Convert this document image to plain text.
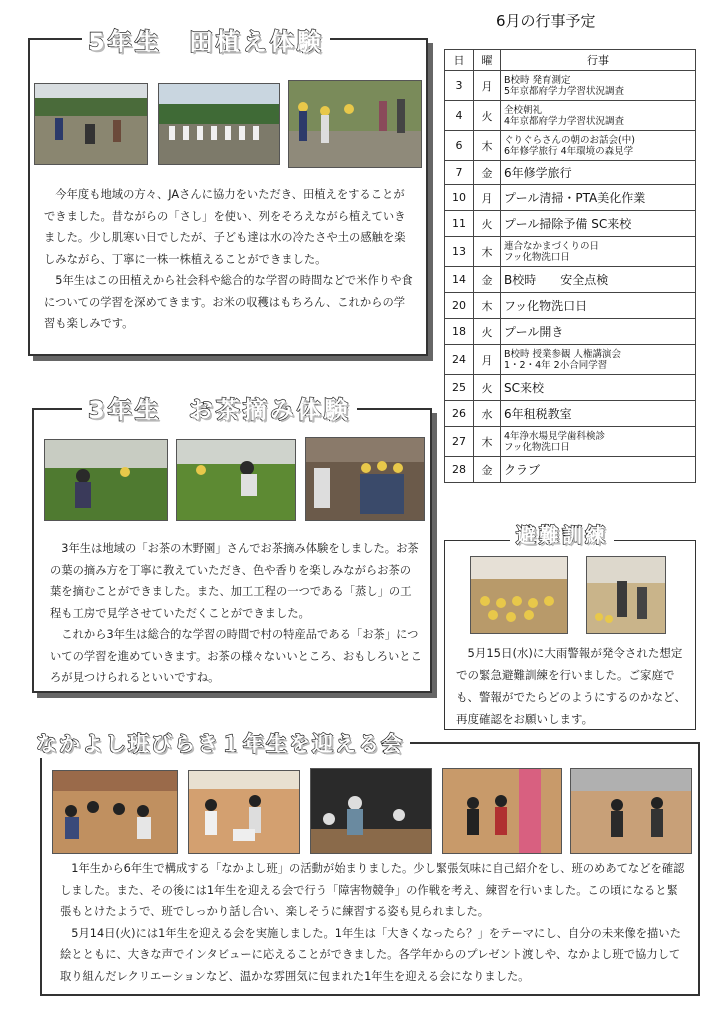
5年生　田植え体験

今年度も地域の方々、JAさんに協力をいただき、田植えをすることができました。昔ながらの「さし」を使い、列をそろえながら植えていきました。少し肌寒い日でしたが、子ども達は水の冷たさや土の感触を楽しみながら、丁寧に一株一株植えることができました。

5年生はこの田植えから社会科や総合的な学習の時間などで米作りや食についての学習を深めてきます。お米の収穫はもちろん、これからの学習も楽しみです。

3年生　お茶摘み体験

3年生は地域の「お茶の木野園」さんでお茶摘み体験をしました。お茶の葉の摘み方を丁寧に教えていただき、色や香りを楽しみながらお茶の葉を摘むことができました。また、加工工程の一つである「蒸し」の工程も工房で見学させていただくことができました。

これから3年生は総合的な学習の時間で村の特産品である「お茶」についての学習を進めていきます。お茶の様々ないいところ、おもしろいところが見つけられるといいですね。

6月の行事予定
日	曜	行事
3	月	B校時 発育測定
5年京都府学力学習状況調査

4	火	全校朝礼
4年京都府学力学習状況調査

6	木	ぐりぐらさんの朝のお話会(中)
6年修学旅行 4年環境の森見学

7	金	6年修学旅行

10	月	プール清掃・PTA美化作業

11	火	プール掃除予備 SC来校

13	木	連合なかまづくりの日
フッ化物洗口日

14	金	B校時　　安全点検

20	木	フッ化物洗口日

18	火	プール開き

24	月	B校時 授業参観 人権講演会
1・2・4年 2小合同学習

25	火	SC来校

26	水	6年租税教室

27	木	4年浄水場見学歯科検診
フッ化物洗口日

28	金	クラブ
避難訓練
5月15日(水)に大雨警報が発令された想定での緊急避難訓練を行いました。ご家庭でも、警報がでたらどのようにするのかなど、再度確認をお願いします。
なかよし班びらき１年生を迎える会

1年生から6年生で構成する「なかよし班」の活動が始まりました。少し緊張気味に自己紹介をし、班のめあてなどを確認しました。また、その後には1年生を迎える会で行う「障害物競争」の作戦を考え、練習を行いました。この頃になると緊張もとけたようで、班でしっかり話し合い、楽しそうに練習する姿も見られました。

5月14日(火)には1年生を迎える会を実施しました。1年生は「大きくなったら？」をテーマにし、自分の未来像を描いた絵とともに、大きな声でインタビューに応えることができました。各学年からのプレゼント渡しや、なかよし班で協力して取り組んだレクリエーションなど、温かな雰囲気に包まれた1年生を迎える会になりました。
